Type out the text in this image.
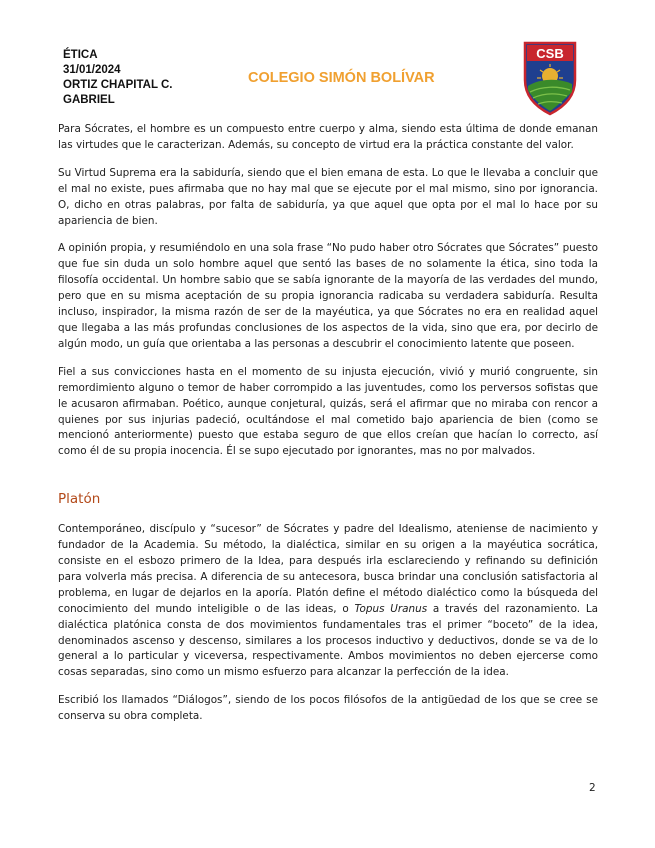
ÉTICA
31/01/2024
ORTIZ CHAPITAL C.
GABRIEL
COLEGIO SIMÓN BOLÍVAR
CSB

Para Sócrates, el hombre es un compuesto entre cuerpo y alma, siendo esta última de donde emanan las virtudes que le caracterizan. Además, su concepto de virtud era la práctica constante del valor.

Su Virtud Suprema era la sabiduría, siendo que el bien emana de esta. Lo que le llevaba a concluir que el mal no existe, pues afirmaba que no hay mal que se ejecute por el mal mismo, sino por ignorancia. O, dicho en otras palabras, por falta de sabiduría, ya que aquel que opta por el mal lo hace por su apariencia de bien.

A opinión propia, y resumiéndolo en una sola frase “No pudo haber otro Sócrates que Sócrates” puesto que fue sin duda un solo hombre aquel que sentó las bases de no solamente la ética, sino toda la filosofía occidental. Un hombre sabio que se sabía ignorante de la mayoría de las verdades del mundo, pero que en su misma aceptación de su propia ignorancia radicaba su verdadera sabiduría. Resulta incluso, inspirador, la misma razón de ser de la mayéutica, ya que Sócrates no era en realidad aquel que llegaba a las más profundas conclusiones de los aspectos de la vida, sino que era, por decirlo de algún modo, un guía que orientaba a las personas a descubrir el conocimiento latente que poseen.

Fiel a sus convicciones hasta en el momento de su injusta ejecución, vivió y murió congruente, sin remordimiento alguno o temor de haber corrompido a las juventudes, como los perversos sofistas que le acusaron afirmaban. Poético, aunque conjetural, quizás, será el afirmar que no miraba con rencor a quienes por sus injurias padeció, ocultándose el mal cometido bajo apariencia de bien (como se mencionó anteriormente) puesto que estaba seguro de que ellos creían que hacían lo correcto, así como él de su propia inocencia. Él se supo ejecutado por ignorantes, mas no por malvados.

Platón

Contemporáneo, discípulo y “sucesor” de Sócrates y padre del Idealismo, ateniense de nacimiento y fundador de la Academia. Su método, la dialéctica, similar en su origen a la mayéutica socrática, consiste en el esbozo primero de la Idea, para después irla esclareciendo y refinando su definición para volverla más precisa. A diferencia de su antecesora, busca brindar una conclusión satisfactoria al problema, en lugar de dejarlos en la aporía. Platón define el método dialéctico como la búsqueda del conocimiento del mundo inteligible o de las ideas, o Topus Uranus a través del razonamiento. La dialéctica platónica consta de dos movimientos fundamentales tras el primer “boceto” de la idea, denominados ascenso y descenso, similares a los procesos inductivo y deductivos, donde se va de lo general a lo particular y viceversa, respectivamente. Ambos movimientos no deben ejercerse como cosas separadas, sino como un mismo esfuerzo para alcanzar la perfección de la idea.

Escribió los llamados “Diálogos”, siendo de los pocos filósofos de la antigüedad de los que se cree se conserva su obra completa.

2
